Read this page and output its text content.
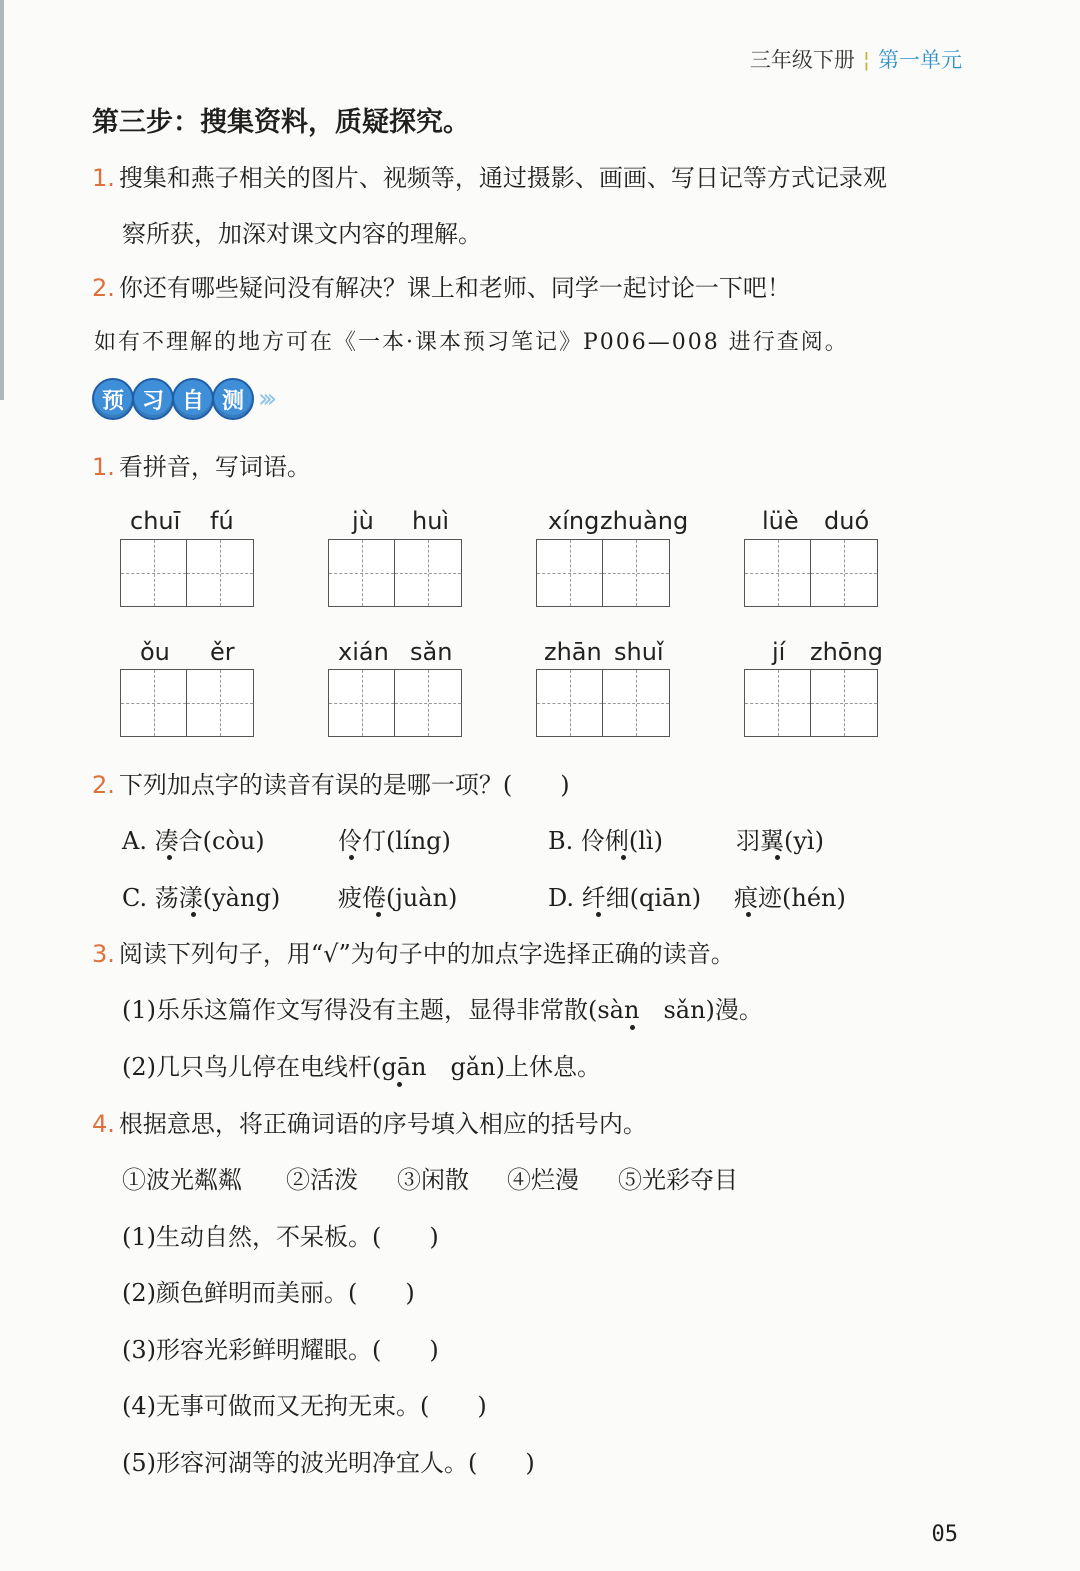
三年级下册 ¦ 第一单元
第三步：搜集资料，质疑探究。
1. 搜集和燕子相关的图片、视频等，通过摄影、画画、写日记等方式记录观
察所获，加深对课文内容的理解。
2. 你还有哪些疑问没有解决？课上和老师、同学一起讨论一下吧！
如有不理解的地方可在《一本·课本预习笔记》P006—008 进行查阅。
预 习 自 测 ›››
1. 看拼音，写词语。
chuī fú	jù huì	xíng zhuàng	lüè duó
ǒu ěr	xián sǎn	zhān shuǐ	jí zhōng
2. 下列加点字的读音有误的是哪一项？(　　)
A. 凑合(còu)	伶仃(líng)	B. 伶俐(lì)	羽翼(yì)
C. 荡漾(yàng) 疲倦(juàn)	D. 纤细(qiān) 痕迹(hén)
3. 阅读下列句子，用“√”为句子中的加点字选择正确的读音。
(1)乐乐这篇作文写得没有主题，显得非常散(sàn　sǎn)漫。
(2)几只鸟儿停在电线杆(gān　gǎn)上休息。
4. 根据意思，将正确词语的序号填入相应的括号内。
①波光粼粼 ②活泼 ③闲散 ④烂漫 ⑤光彩夺目
(1)生动自然，不呆板。(　　)
(2)颜色鲜明而美丽。(　　)
(3)形容光彩鲜明耀眼。(　　)
(4)无事可做而又无拘无束。(　　)
(5)形容河湖等的波光明净宜人。(　　)
05
